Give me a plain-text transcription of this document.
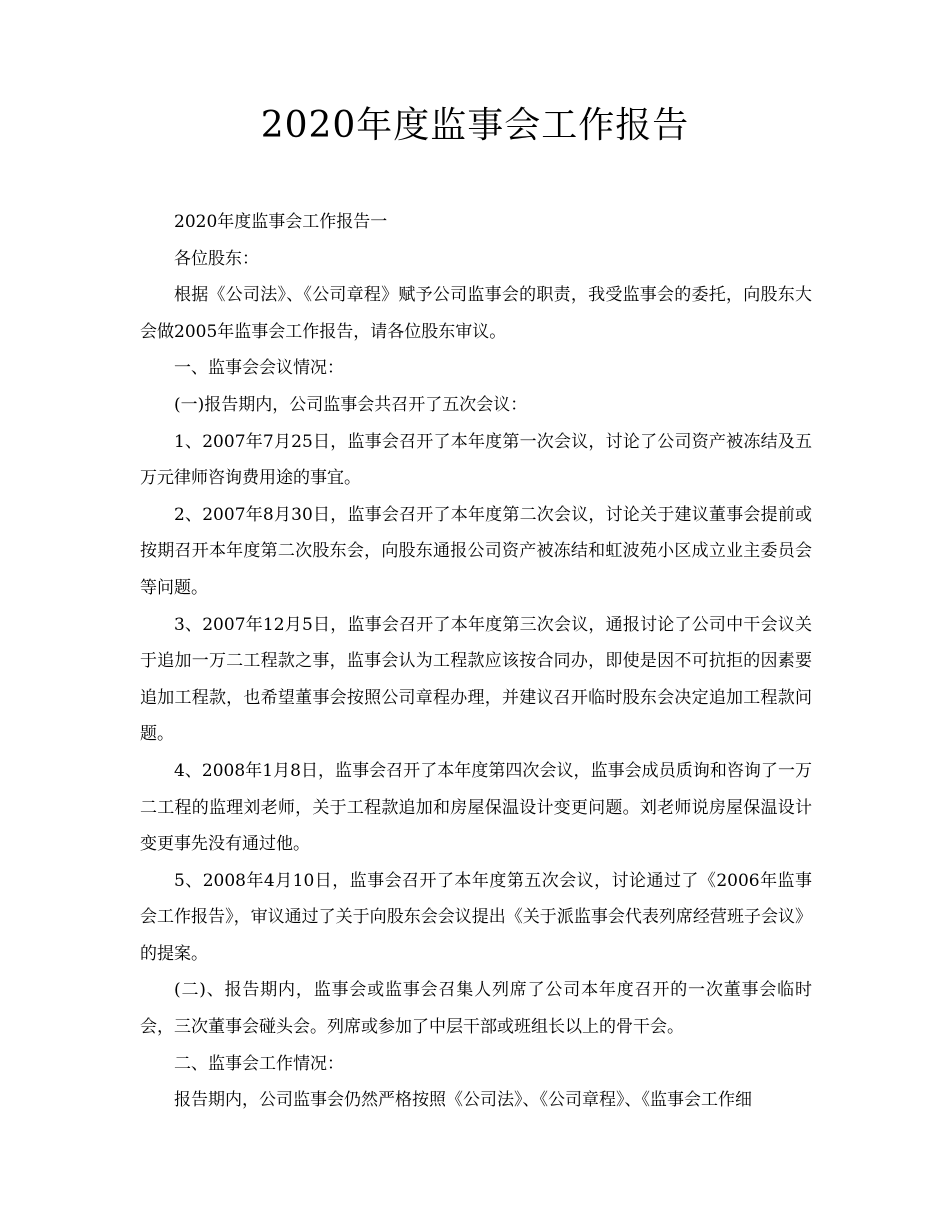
2020年度监事会工作报告

2020年度监事会工作报告一

各位股东：

根据《公司法》、《公司章程》赋予公司监事会的职责，我受监事会的委托，向股东大会做2005年监事会工作报告，请各位股东审议。

一、监事会会议情况：

(一)报告期内，公司监事会共召开了五次会议：

1、2007年7月25日，监事会召开了本年度第一次会议，讨论了公司资产被冻结及五万元律师咨询费用途的事宜。

2、2007年8月30日，监事会召开了本年度第二次会议，讨论关于建议董事会提前或按期召开本年度第二次股东会，向股东通报公司资产被冻结和虹波苑小区成立业主委员会等问题。

3、2007年12月5日，监事会召开了本年度第三次会议，通报讨论了公司中干会议关于追加一万二工程款之事，监事会认为工程款应该按合同办，即使是因不可抗拒的因素要追加工程款，也希望董事会按照公司章程办理，并建议召开临时股东会决定追加工程款问题。

4、2008年1月8日，监事会召开了本年度第四次会议，监事会成员质询和咨询了一万二工程的监理刘老师，关于工程款追加和房屋保温设计变更问题。刘老师说房屋保温设计变更事先没有通过他。

5、2008年4月10日，监事会召开了本年度第五次会议，讨论通过了《2006年监事会工作报告》，审议通过了关于向股东会会议提出《关于派监事会代表列席经营班子会议》的提案。

(二)、报告期内，监事会或监事会召集人列席了公司本年度召开的一次董事会临时会，三次董事会碰头会。列席或参加了中层干部或班组长以上的骨干会。

二、监事会工作情况：

报告期内，公司监事会仍然严格按照《公司法》、《公司章程》、《监事会工作细
